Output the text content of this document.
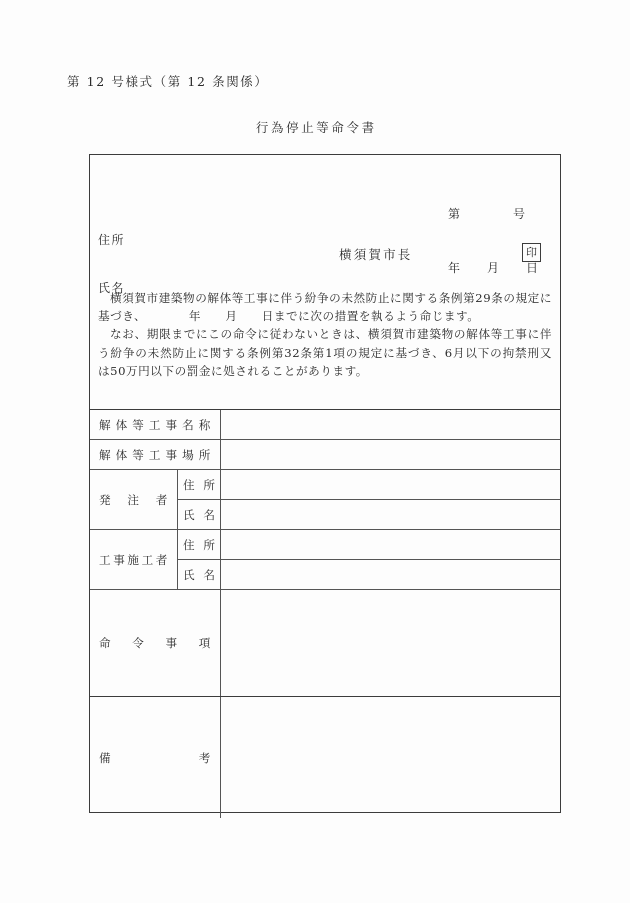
第 12 号様式（第 12 条関係）
行為停止等命令書

第　　　　号

年　　月　　日

住所

氏名

横須賀市長	印

横須賀市建築物の解体等工事に伴う紛争の未然防止に関する条例第29条の規定に基づき、　　　　年　　月　　日までに次の措置を執るよう命じます。

なお、期限までにこの命令に従わないときは、横須賀市建築物の解体等工事に伴う紛争の未然防止に関する条例第32条第1項の規定に基づき、6月以下の拘禁刑又は50万円以下の罰金に処されることがあります。

解体等工事名称
解体等工事場所
発注者
住所
氏名
工事施工者
住所
氏名
命令事項
備考
